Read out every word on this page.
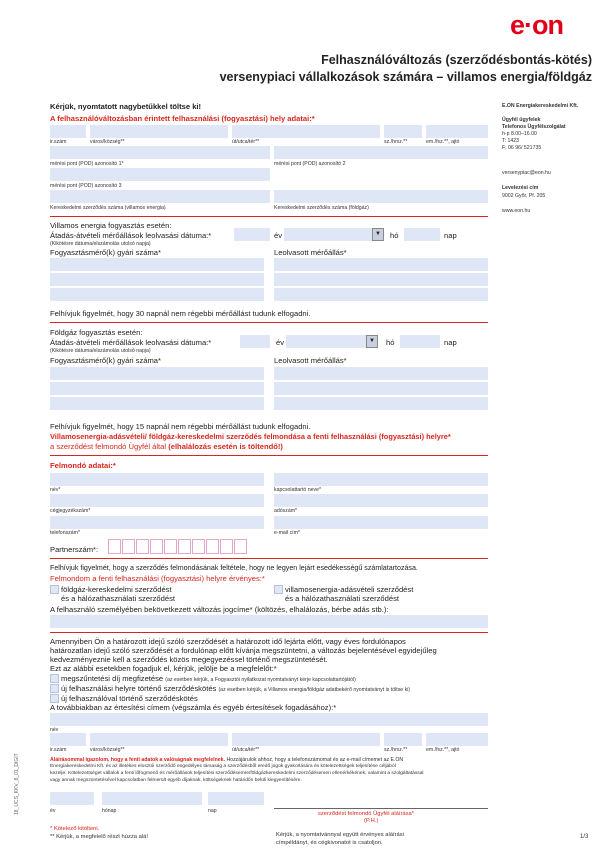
e·on
Felhasználóváltozás (szerződésbontás-kötés)
versenypiaci vállalkozások számára – villamos energia/földgáz
E.ON Energiakereskedelmi Kft.
Ügyfél ügyfelek
Telefonos Ügyfélszolgálat
h-p 8.00–16.00
T: 1423
F: 06 96/ 521735
versenypiac@eon.hu
Levelezési cím
9002 Győr, Pf. 205
www.eon.hu
Kérjük, nyomtatott nagybetűkkel töltse ki!
A felhasználóváltozásban érintett felhasználási (fogyasztási) hely adatai:*
ir.szám	város/község**	út/utca/tér**	sz./hrsz.**	em./fsz.**, ajtó
mérési pont (POD) azonosító 1*	mérési pont (POD) azonosító 2
mérési pont (POD) azonosító 3
Kereskedelmi szerződés száma (villamos energia)	Kereskedelmi szerződés száma (földgáz)
Villamos energia fogyasztás esetén:
Átadás-átvételi mérőállások leolvasási dátuma:*
(Kikötésre dátuma/elszámolás utolsó napja)
év	▼	hó	nap
Fogyasztásmérő(k) gyári száma*	Leolvasott mérőállás*
Felhívjuk figyelmét, hogy 30 napnál nem régebbi mérőállást tudunk elfogadni.
Földgáz fogyasztás esetén:
Átadás-átvételi mérőállások leolvasási dátuma:*
(Kikötésre dátuma/elszámolás utolsó napja)
év	▼	hó	nap
Fogyasztásmérő(k) gyári száma*	Leolvasott mérőállás*
Felhívjuk figyelmét, hogy 15 napnál nem régebbi mérőállást tudunk elfogadni.
Villamosenergia-adásvételi/ földgáz-kereskedelmi szerződés felmondása a fenti felhasználási (fogyasztási) helyre*
a szerződést felmondó Ügyfél által (elhalálozás esetén is töltendő!)
Felmondó adatai:*
név*	kapcsolattartó neve*
cégjegyzékszám*	adószám*
telefonszám*	e-mail cím*
Partnerszám*:
Felhívjuk figyelmét, hogy a szerződés felmondásának feltétele, hogy ne legyen lejárt esedékességű számlatartozása.
Felmondom a fenti felhasználási (fogyasztási) helyre érvényes:*
földgáz-kereskedelmi szerződést
és a hálózathasználati szerződést
villamosenergia-adásvételi szerződést
és a hálózathasználati szerződést
A felhasználó személyében bekövetkezett változás jogcíme* (költözés, elhalálozás, bérbe adás stb.):
Amennyiben Ön a határozott idejű szóló szerződését a határozott idő lejárta előtt, vagy éves fordulónapos
határozatlan idejű szóló szerződését a fordulónap előtt kívánja megszüntetni, a változás bejelentésével egyidejűleg
kedvezményeznie kell a szerződés közös megegyezéssel történő megszüntetését.
Ezt az alábbi esetekben fogadjuk el, kérjük, jelölje be a megfelelőt:*
megszűntetési díj megfizetése (az esetben kérjük, a Fogyasztói nyilatkozat nyomtatványt kérje kapcsolattartójától)
új felhasználási helyre történő szerződéskötés (az esetben kérjük, a Villamos energia/földgáz adatbekérő nyomtatványt is töltse ki)
új felhasználóval történő szerződéskötés
A továbbiakban az értesítési címem (végszámla és egyéb értesítések fogadásához):*
név
ir.szám	város/község**	út/utca/tér**	sz./hrsz.**	em./fsz.**, ajtó
Aláírásommal igazolom, hogy a fenti adatok a valóságnak megfelelnek. Hozzájárulok ahhoz, hogy a telefonszámomat és az e-mail címemet az E.ON
Energiakereskedelmi Kft. és az illetékes elosztói szerződő engedélyes társaság a szerződésből eredő jogok gyakorlására és kötelezettségek teljesítése céljából
kezelje. Kötelezettséget vállalok a fenti lőfogmenő és mérőállások teljesítési szerződésemre/földgázkereskedelmi szerződésemen ellenérkékének, valamint a szolgáltatással
vagy annak megszüntetésével kapcsolatban felmerült egyéb díjaknak, költségeknek határidőn belüli kiegyenlítésére.
év	hónap	nap	szerződést felmondó Ügyfél aláírása*
(P.H.)
* Kötelező kitölteni.
** Kérjük, a megfelelő részt húzza alá!	Kérjük, a nyomtatvánnyal együtt érvényes aláírási
címpéldányt, és cégkivonatot is csatoljon.
1/3
18_UCS_KKV_8_01_DIGIT
